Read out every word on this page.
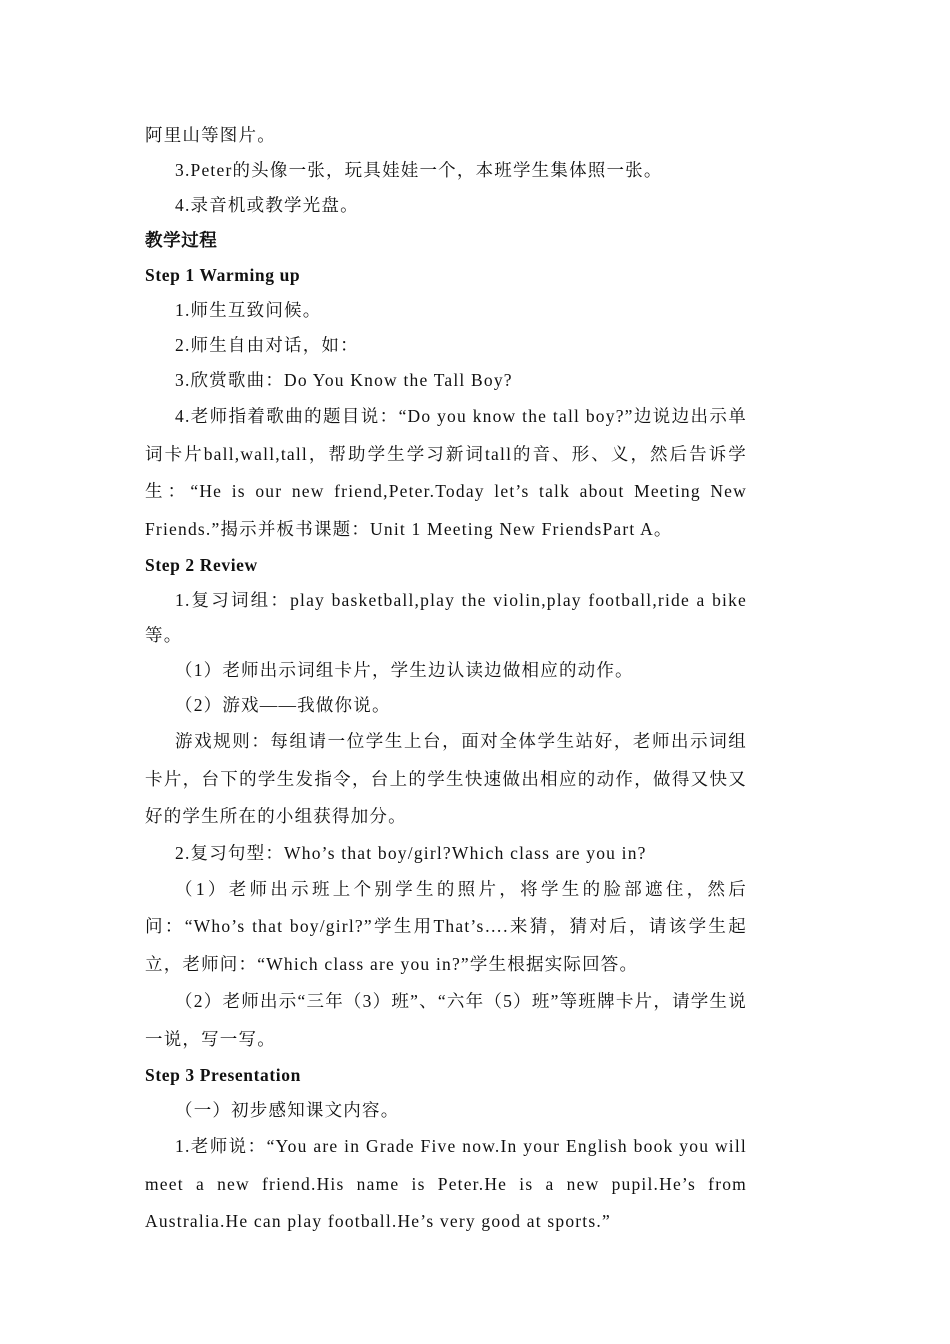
阿里山等图片。

3.Peter的头像一张，玩具娃娃一个，本班学生集体照一张。

4.录音机或教学光盘。

教学过程

Step 1 Warming up

1.师生互致问候。

2.师生自由对话，如：

3.欣赏歌曲：Do You Know the Tall Boy?

4.老师指着歌曲的题目说：“Do you know the tall boy?”边说边出示单词卡片ball,wall,tall，帮助学生学习新词tall的音、形、义，然后告诉学生：“He is our new friend,Peter.Today let’s talk about Meeting New Friends.”揭示并板书课题：Unit 1 Meeting New FriendsPart A。

Step 2 Review

1.复习词组：play basketball,play the violin,play football,ride a bike等。

（1）老师出示词组卡片，学生边认读边做相应的动作。

（2）游戏——我做你说。

游戏规则：每组请一位学生上台，面对全体学生站好，老师出示词组卡片，台下的学生发指令，台上的学生快速做出相应的动作，做得又快又好的学生所在的小组获得加分。

2.复习句型：Who’s that boy/girl?Which class are you in?

（1）老师出示班上个别学生的照片，将学生的脸部遮住，然后问：“Who’s that boy/girl?”学生用That’s….来猜，猜对后，请该学生起立，老师问：“Which class are you in?”学生根据实际回答。

（2）老师出示“三年（3）班”、“六年（5）班”等班牌卡片，请学生说一说，写一写。

Step 3 Presentation

（一）初步感知课文内容。

1.老师说：“You are in Grade Five now.In your English book you will meet a new friend.His name is Peter.He is a new pupil.He’s from Australia.He can play football.He’s very good at sports.”
